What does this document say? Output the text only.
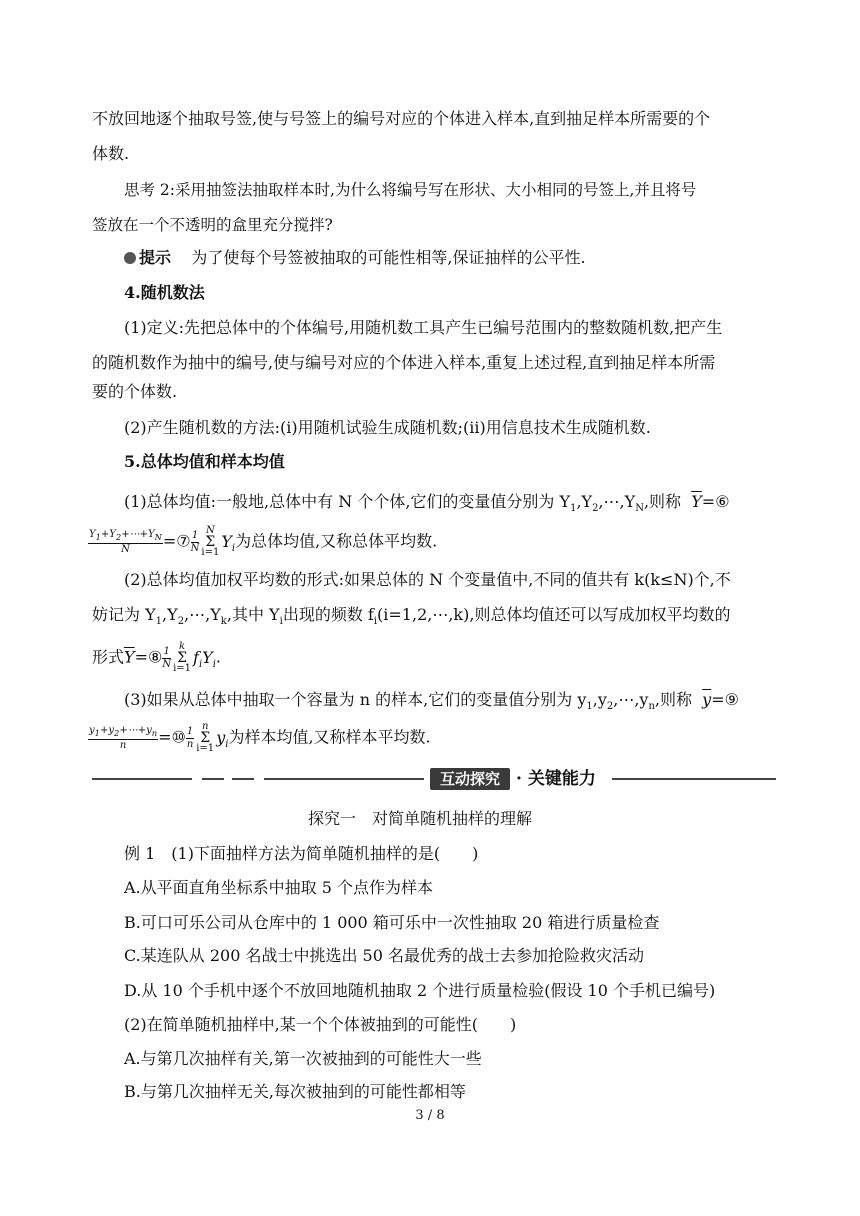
不放回地逐个抽取号签,使与号签上的编号对应的个体进入样本,直到抽足样本所需要的个
体数.
思考 2:采用抽签法抽取样本时,为什么将编号写在形状、大小相同的号签上,并且将号
签放在一个不透明的盒里充分搅拌?
提示 为了使每个号签被抽取的可能性相等,保证抽样的公平性.
4.随机数法
(1)定义:先把总体中的个体编号,用随机数工具产生已编号范围内的整数随机数,把产生
的随机数作为抽中的编号,使与编号对应的个体进入样本,重复上述过程,直到抽足样本所需
要的个体数.
(2)产生随机数的方法:(i)用随机试验生成随机数;(ii)用信息技术生成随机数.
5.总体均值和样本均值
(1)总体均值:一般地,总体中有 N 个个体,它们的变量值分别为 $Y_1,Y_2,\cdots,Y_N$,则称 $\overline{Y}=⑥$
$\frac{Y_1+Y_2+\cdots+Y_N}{N}$ =⑦ $\frac{1}{N}$ N
Σ
$i=1Y_i$为总体均值,又称总体平均数.
(2)总体均值加权平均数的形式:如果总体的 N 个变量值中,不同的值共有 k(k≤N)个,不
妨记为 $Y_1,Y_2,\cdots,Y_k$,其中 $Y_i$出现的频数 $f_i(i=1,2,\cdots,k)$,则总体均值还可以写成加权平均数的
形式$\overline{Y}=⑧ \frac{1}{N}$ k
Σ
$i=1f_iY_i$.
(3)如果从总体中抽取一个容量为 n 的样本,它们的变量值分别为 $y_1,y_2,\cdots,y_n$,则称 $\overline{y}=⑨$
$\frac{y_1+y_2+\cdots+y_n}{n}$ =⑩ $\frac{1}{n}$ n
Σ
$i=1y_i$为样本均值,又称样本平均数.
互动探究 · 关键能力
探究一　对简单随机抽样的理解
例 1　(1)下面抽样方法为简单随机抽样的是(　　)
A.从平面直角坐标系中抽取 5 个点作为样本
B.可口可乐公司从仓库中的 1 000 箱可乐中一次性抽取 20 箱进行质量检查
C.某连队从 200 名战士中挑选出 50 名最优秀的战士去参加抢险救灾活动
D.从 10 个手机中逐个不放回地随机抽取 2 个进行质量检验(假设 10 个手机已编号)
(2)在简单随机抽样中,某一个个体被抽到的可能性(　　)
A.与第几次抽样有关,第一次被抽到的可能性大一些
B.与第几次抽样无关,每次被抽到的可能性都相等
3 / 8
